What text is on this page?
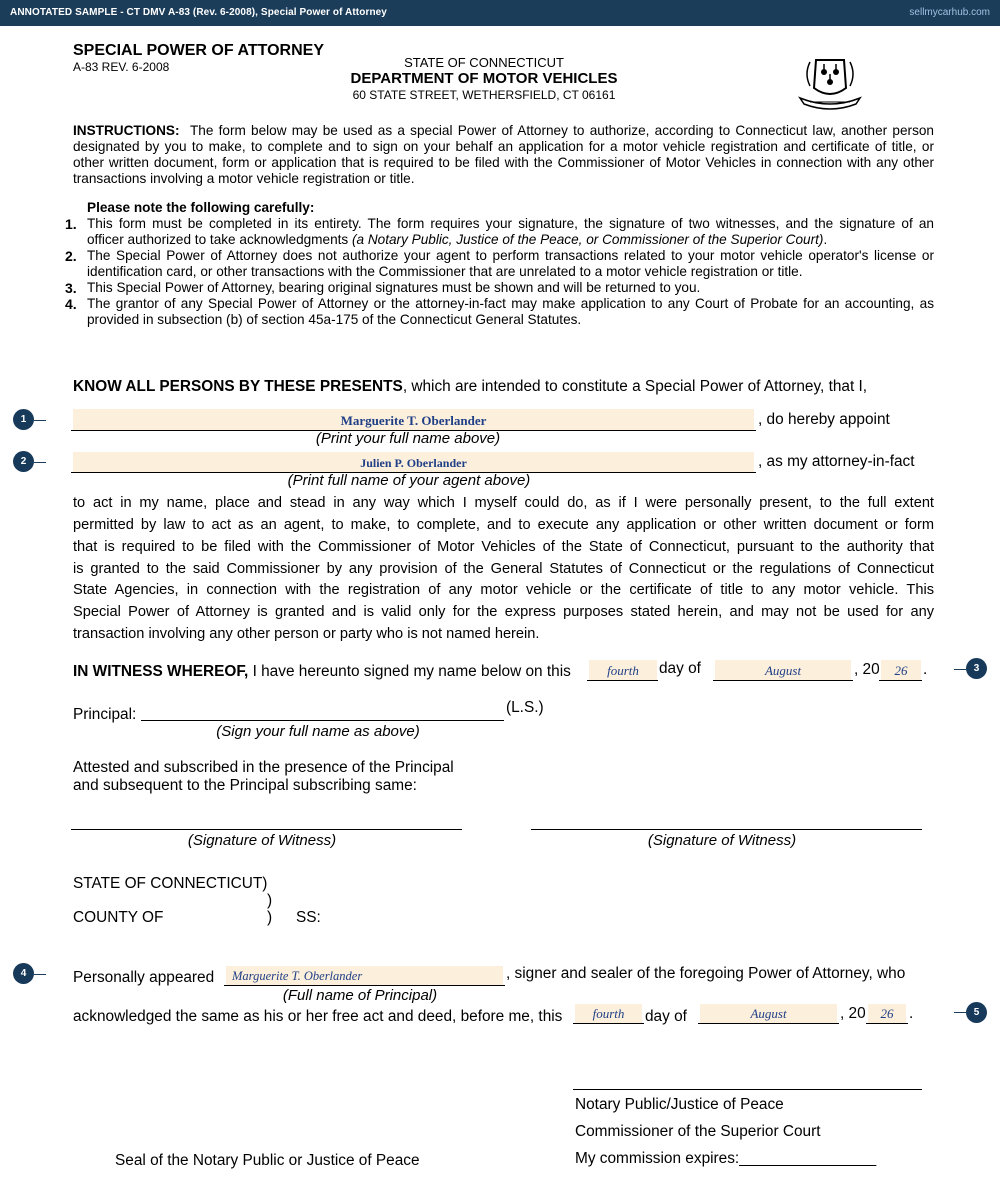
ANNOTATED SAMPLE - CT DMV A-83 (Rev. 6-2008), Special Power of Attorney	sellmycarhub.com
SPECIAL POWER OF ATTORNEY
A-83 REV. 6-2008	STATE OF CONNECTICUT
DEPARTMENT OF MOTOR VEHICLES
60 STATE STREET, WETHERSFIELD, CT 06161
INSTRUCTIONS: The form below may be used as a special Power of Attorney to authorize, according to Connecticut law, another person
designated by you to make, to complete and to sign on your behalf an application for a motor vehicle registration and certificate of title, or
other written document, form or application that is required to be filed with the Commissioner of Motor Vehicles in connection with any other
transactions involving a motor vehicle registration or title.
Please note the following carefully:
1. This form must be completed in its entirety. The form requires your signature, the signature of two witnesses, and the signature of an
officer authorized to take acknowledgments (a Notary Public, Justice of the Peace, or Commissioner of the Superior Court).
2. The Special Power of Attorney does not authorize your agent to perform transactions related to your motor vehicle operator's license or
identification card, or other transactions with the Commissioner that are unrelated to a motor vehicle registration or title.
3. This Special Power of Attorney, bearing original signatures must be shown and will be returned to you.
4. The grantor of any Special Power of Attorney or the attorney-in-fact may make application to any Court of Probate for an accounting, as
provided in subsection (b) of section 45a-175 of the Connecticut General Statutes.
KNOW ALL PERSONS BY THESE PRESENTS, which are intended to constitute a Special Power of Attorney, that I,
1	Marguerite T. Oberlander	, do hereby appoint
(Print your full name above)
2	Julien P. Oberlander	, as my attorney-in-fact
(Print full name of your agent above)
to act in my name, place and stead in any way which I myself could do, as if I were personally present, to the full extent
permitted by law to act as an agent, to make, to complete, and to execute any application or other written document or form
that is required to be filed with the Commissioner of Motor Vehicles of the State of Connecticut, pursuant to the authority that
is granted to the said Commissioner by any provision of the General Statutes of Connecticut or the regulations of Connecticut
State Agencies, in connection with the registration of any motor vehicle or the certificate of title to any motor vehicle. This
Special Power of Attorney is granted and is valid only for the express purposes stated herein, and may not be used for any
transaction involving any other person or party who is not named herein.
IN WITNESS WHEREOF, I have hereunto signed my name below on this	fourth	day of	August	, 20	26	.	3
Principal:	(L.S.)
(Sign your full name as above)
Attested and subscribed in the presence of the Principal
and subsequent to the Principal subscribing same:
(Signature of Witness)	(Signature of Witness)
STATE OF CONNECTICUT)
)
COUNTY OF	) SS:
4	Personally appeared	Marguerite T. Oberlander	, signer and sealer of the foregoing Power of Attorney, who
(Full name of Principal)
acknowledged the same as his or her free act and deed, before me, this	fourth	day of	August	, 20	26	.	5
Notary Public/Justice of Peace
Commissioner of the Superior Court
My commission expires:________________
Seal of the Notary Public or Justice of Peace
